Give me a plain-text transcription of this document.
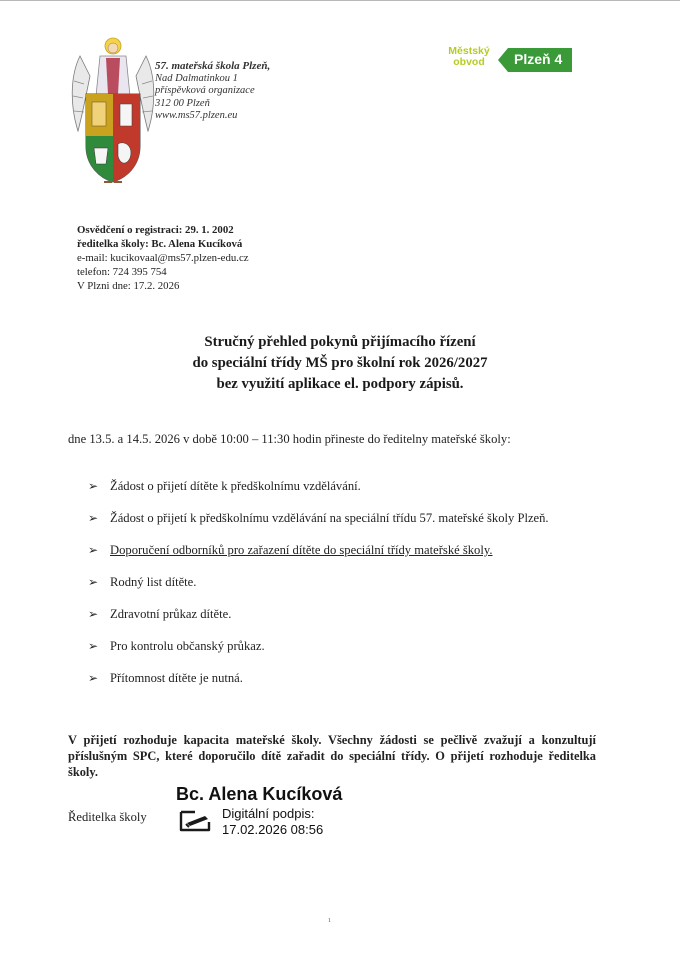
57. mateřská škola Plzeň,
Nad Dalmatinkou 1
příspěvková organizace
312 00 Plzeň
www.ms57.plzen.eu
Městský
obvod	Plzeň 4
Osvědčení o registraci: 29. 1. 2002
ředitelka školy: Bc. Alena Kucíková
e-mail: kucikovaal@ms57.plzen-edu.cz
telefon: 724 395 754
V Plzni dne: 17.2. 2026
Stručný přehled pokynů přijímacího řízení
do speciální třídy MŠ pro školní rok 2026/2027
bez využití aplikace el. podpory zápisů.
dne 13.5. a 14.5. 2026 v době 10:00 – 11:30 hodin přineste do ředitelny mateřské školy:
➢ Žádost o přijetí dítěte k předškolnímu vzdělávání.
➢ Žádost o přijetí k předškolnímu vzdělávání na speciální třídu 57. mateřské školy Plzeň.
➢ Doporučení odborníků pro zařazení dítěte do speciální třídy mateřské školy.
➢ Rodný list dítěte.
➢ Zdravotní průkaz dítěte.
➢ Pro kontrolu občanský průkaz.
➢ Přítomnost dítěte je nutná.
V přijetí rozhoduje kapacita mateřské školy. Všechny žádosti se pečlivě zvažují a konzultují příslušným SPC, které doporučilo dítě zařadit do speciální třídy. O přijetí rozhoduje ředitelka školy.
Ředitelka školy
Bc. Alena Kucíková
Digitální podpis:
17.02.2026 08:56
1
